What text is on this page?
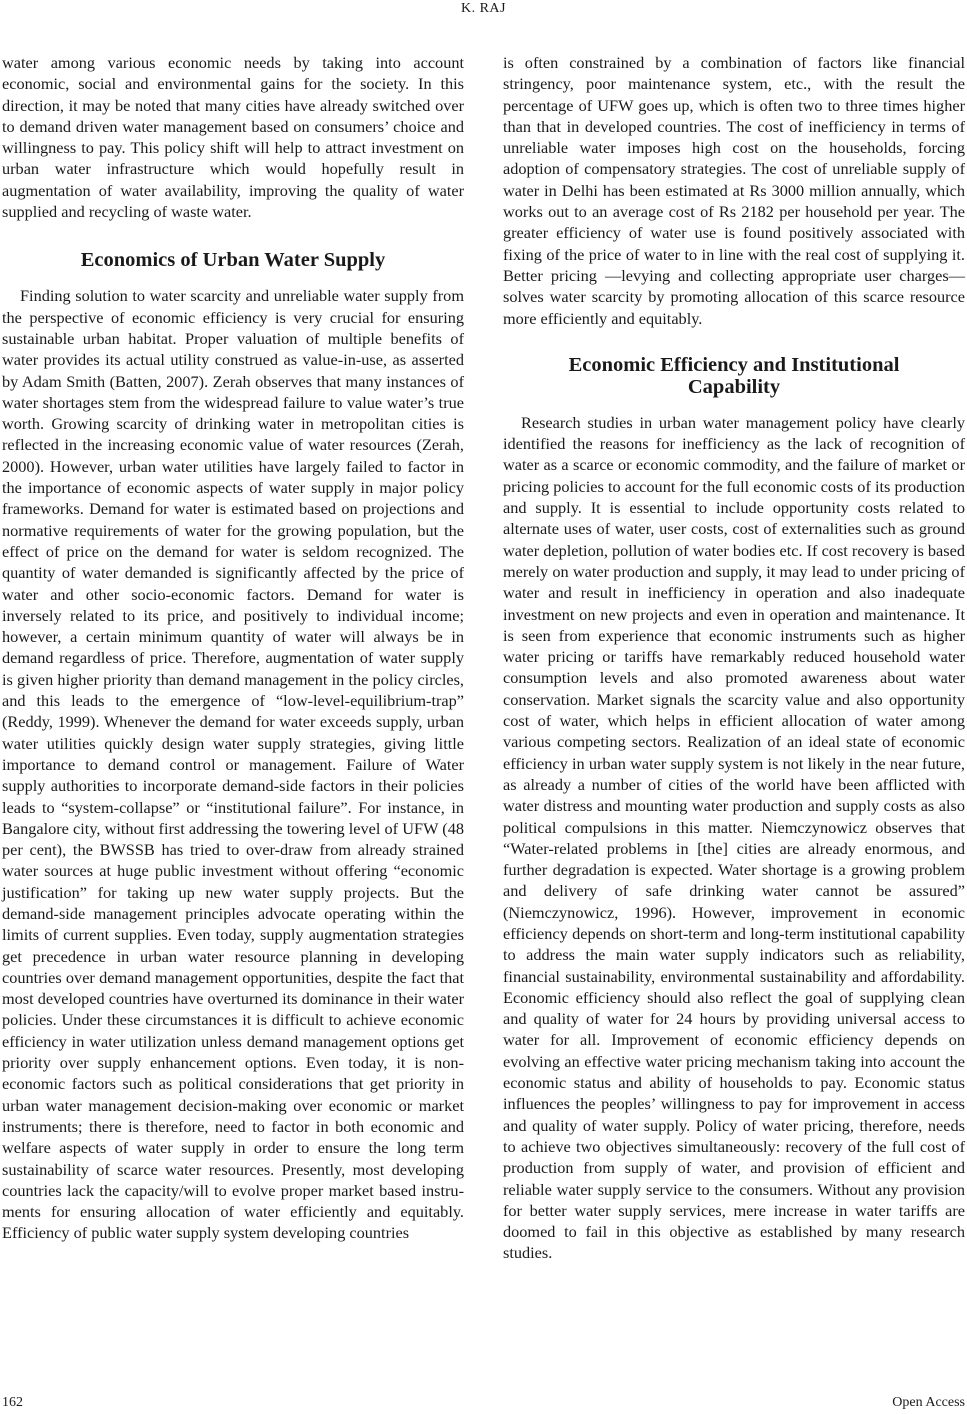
K. RAJ

water among various economic needs by taking into account economic, social and environmental gains for the society. In this direction, it may be noted that many cities have already switched over to demand driven water management based on consumers’ choice and willingness to pay. This policy shift will help to attract investment on urban water infrastructure which would hopefully result in augmentation of water availability, improving the quality of water supplied and recycling of waste water.

Economics of Urban Water Supply

Finding solution to water scarcity and unreliable water supply from the perspective of economic efficiency is very crucial for ensuring sustainable urban habitat. Proper valuation of multiple benefits of water provides its actual utility construed as value-in-use, as asserted by Adam Smith (Batten, 2007). Zerah observes that many instances of water shortages stem from the widespread failure to value water’s true worth. Growing scarcity of drinking water in metropolitan cities is reflected in the increasing economic value of water resources (Zerah, 2000). However, urban water utilities have largely failed to factor in the importance of economic aspects of water supply in major policy frameworks. Demand for water is estimated based on projections and normative requirements of water for the growing population, but the effect of price on the demand for water is seldom recognized. The quantity of water demanded is significantly affected by the price of water and other socio-economic factors. Demand for water is inversely related to its price, and positively to individual income; however, a certain minimum quantity of water will always be in demand regardless of price. Therefore, augmentation of water supply is given higher priority than demand management in the policy circles, and this leads to the emergence of “low-level-equilibrium-trap” (Reddy, 1999). Whenever the demand for water exceeds supply, urban water utilities quickly design water supply strategies, giving little importance to demand control or management. Failure of Water supply authorities to incorporate demand-side factors in their policies leads to “system-collapse” or “institutional failure”. For instance, in Bangalore city, without first addressing the towering level of UFW (48 per cent), the BWSSB has tried to over-draw from already strained water sources at huge public investment without offering “economic justification” for taking up new water supply projects. But the demand-side management principles advocate operating within the limits of current supplies. Even today, supply augmentation strategies get precedence in urban water resource planning in developing countries over demand management opportunities, despite the fact that most developed countries have overturned its dominance in their water policies. Under these circumstances it is difficult to achieve economic efficiency in water utilization unless demand management options get priority over supply enhancement options. Even today, it is non-economic factors such as political considerations that get priority in urban water management decision-making over economic or market instruments; there is therefore, need to factor in both economic and welfare aspects of water supply in order to ensure the long term sustainability of scarce water resources. Presently, most developing countries lack the capacity/will to evolve proper market based instruments for ensuring allocation of water efficiently and equitably. Efficiency of public water supply system developing countries

is often constrained by a combination of factors like financial stringency, poor maintenance system, etc., with the result the percentage of UFW goes up, which is often two to three times higher than that in developed countries. The cost of inefficiency in terms of unreliable water imposes high cost on the households, forcing adoption of compensatory strategies. The cost of unreliable supply of water in Delhi has been estimated at Rs 3000 million annually, which works out to an average cost of Rs 2182 per household per year. The greater efficiency of water use is found positively associated with fixing of the price of water to in line with the real cost of supplying it. Better pricing —levying and collecting appropriate user charges—solves water scarcity by promoting allocation of this scarce resource more efficiently and equitably.

Economic Efficiency and Institutional
Capability

Research studies in urban water management policy have clearly identified the reasons for inefficiency as the lack of recognition of water as a scarce or economic commodity, and the failure of market or pricing policies to account for the full economic costs of its production and supply. It is essential to include opportunity costs related to alternate uses of water, user costs, cost of externalities such as ground water depletion, pollution of water bodies etc. If cost recovery is based merely on water production and supply, it may lead to under pricing of water and result in inefficiency in operation and also inadequate investment on new projects and even in operation and maintenance. It is seen from experience that economic instruments such as higher water pricing or tariffs have remarkably reduced household water consumption levels and also promoted awareness about water conservation. Market signals the scarcity value and also opportunity cost of water, which helps in efficient allocation of water among various competing sectors. Realization of an ideal state of economic efficiency in urban water supply system is not likely in the near future, as already a number of cities of the world have been afflicted with water distress and mounting water production and supply costs as also political compulsions in this matter. Niemczynowicz observes that “Water-related problems in [the] cities are already enormous, and further degradation is expected. Water shortage is a growing problem and delivery of safe drinking water cannot be assured” (Niemczynowicz, 1996). However, improvement in economic efficiency depends on short-term and long-term institutional capability to address the main water supply indicators such as reliability, financial sustainability, environmental sustainability and affordability. Economic efficiency should also reflect the goal of supplying clean and quality of water for 24 hours by providing universal access to water for all. Improvement of economic efficiency depends on evolving an effective water pricing mechanism taking into account the economic status and ability of households to pay. Economic status influences the peoples’ willingness to pay for improvement in access and quality of water supply. Policy of water pricing, therefore, needs to achieve two objectives simultaneously: recovery of the full cost of production from supply of water, and provision of efficient and reliable water supply service to the consumers. Without any provision for better water supply services, mere increase in water tariffs are doomed to fail in this objective as established by many research studies.

162	Open Access
